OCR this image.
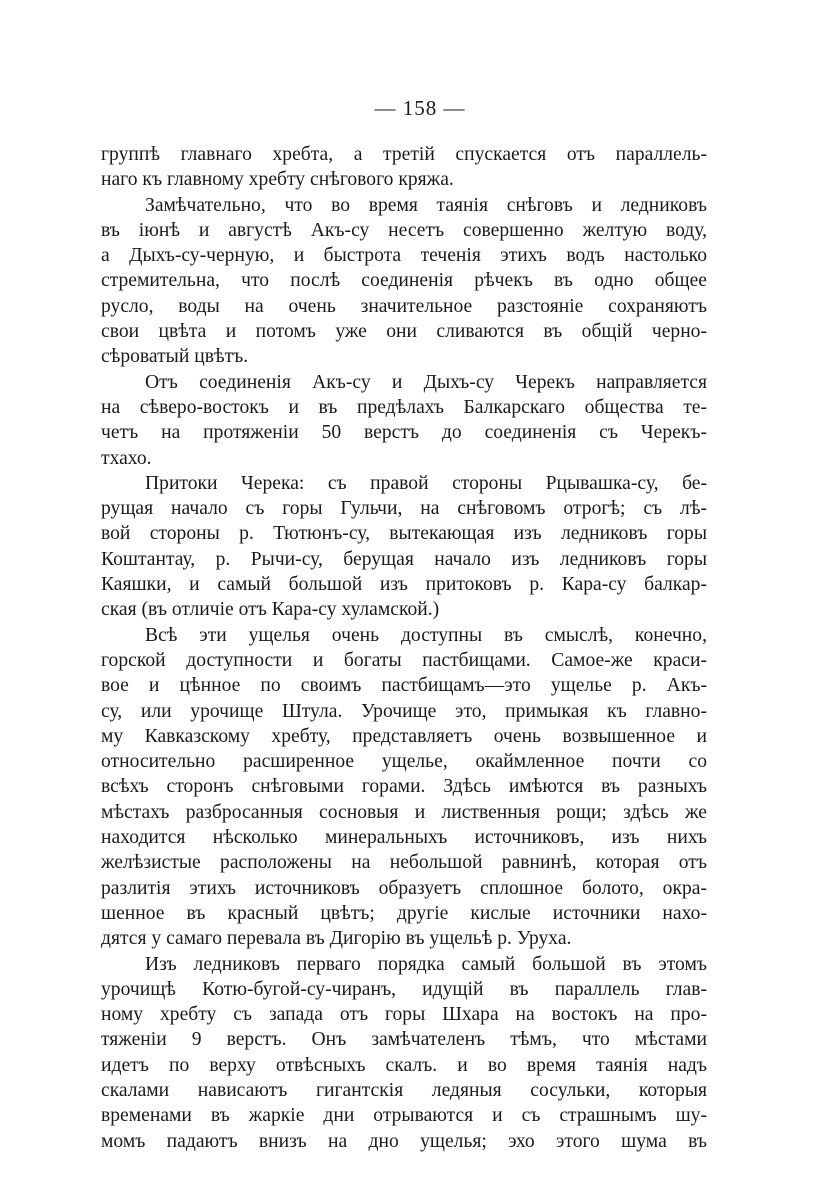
— 158 —
группѣ главнаго хребта, а третій спускается отъ параллель-
наго къ главному хребту снѣгового кряжа.
Замѣчательно, что во время таянія снѣговъ и ледниковъ
въ іюнѣ и августѣ Акъ-су несетъ совершенно желтую воду,
а Дыхъ-су-черную, и быстрота теченія этихъ водъ настолько
стремительна, что послѣ соединенія рѣчекъ въ одно общее
русло, воды на очень значительное разстояніе сохраняютъ
свои цвѣта и потомъ уже они сливаются въ общій черно-
сѣроватый цвѣтъ.
Отъ соединенія Акъ-су и Дыхъ-су Черекъ направляется
на сѣверо-востокъ и въ предѣлахъ Балкарскаго общества те-
четъ на протяженіи 50 верстъ до соединенія съ Черекъ-
тхахо.
Притоки Черека: съ правой стороны Рцывашка-су, бе-
рущая начало съ горы Гульчи, на снѣговомъ отрогѣ; съ лѣ-
вой стороны р. Тютюнъ-су, вытекающая изъ ледниковъ горы
Коштантау, р. Рычи-су, берущая начало изъ ледниковъ горы
Каяшки, и самый большой изъ притоковъ р. Кара-су балкар-
ская (въ отличіе отъ Кара-су хуламской.)
Всѣ эти ущелья очень доступны въ смыслѣ, конечно,
горской доступности и богаты пастбищами. Самое-же краси-
вое и цѣнное по своимъ пастбищамъ—это ущелье р. Акъ-
су, или урочище Штула. Урочище это, примыкая къ главно-
му Кавказскому хребту, представляетъ очень возвышенное и
относительно расширенное ущелье, окаймленное почти со
всѣхъ сторонъ снѣговыми горами. Здѣсь имѣются въ разныхъ
мѣстахъ разбросанныя сосновыя и лиственныя рощи; здѣсь же
находится нѣсколько минеральныхъ источниковъ, изъ нихъ
желѣзистые расположены на небольшой равнинѣ, которая отъ
разлитія этихъ источниковъ образуетъ сплошное болото, окра-
шенное въ красный цвѣтъ; другіе кислые источники нахо-
дятся у самаго перевала въ Дигорію въ ущельѣ р. Уруха.
Изъ ледниковъ перваго порядка самый большой въ этомъ
урочищѣ Котю-бугой-су-чиранъ, идущій въ параллель глав-
ному хребту съ запада отъ горы Шхара на востокъ на про-
тяженіи 9 верстъ. Онъ замѣчателенъ тѣмъ, что мѣстами
идетъ по верху отвѣсныхъ скалъ. и во время таянія надъ
скалами нависаютъ гигантскія ледяныя сосульки, которыя
временами въ жаркіе дни отрываются и съ страшнымъ шу-
момъ падаютъ внизъ на дно ущелья; эхо этого шума въ
